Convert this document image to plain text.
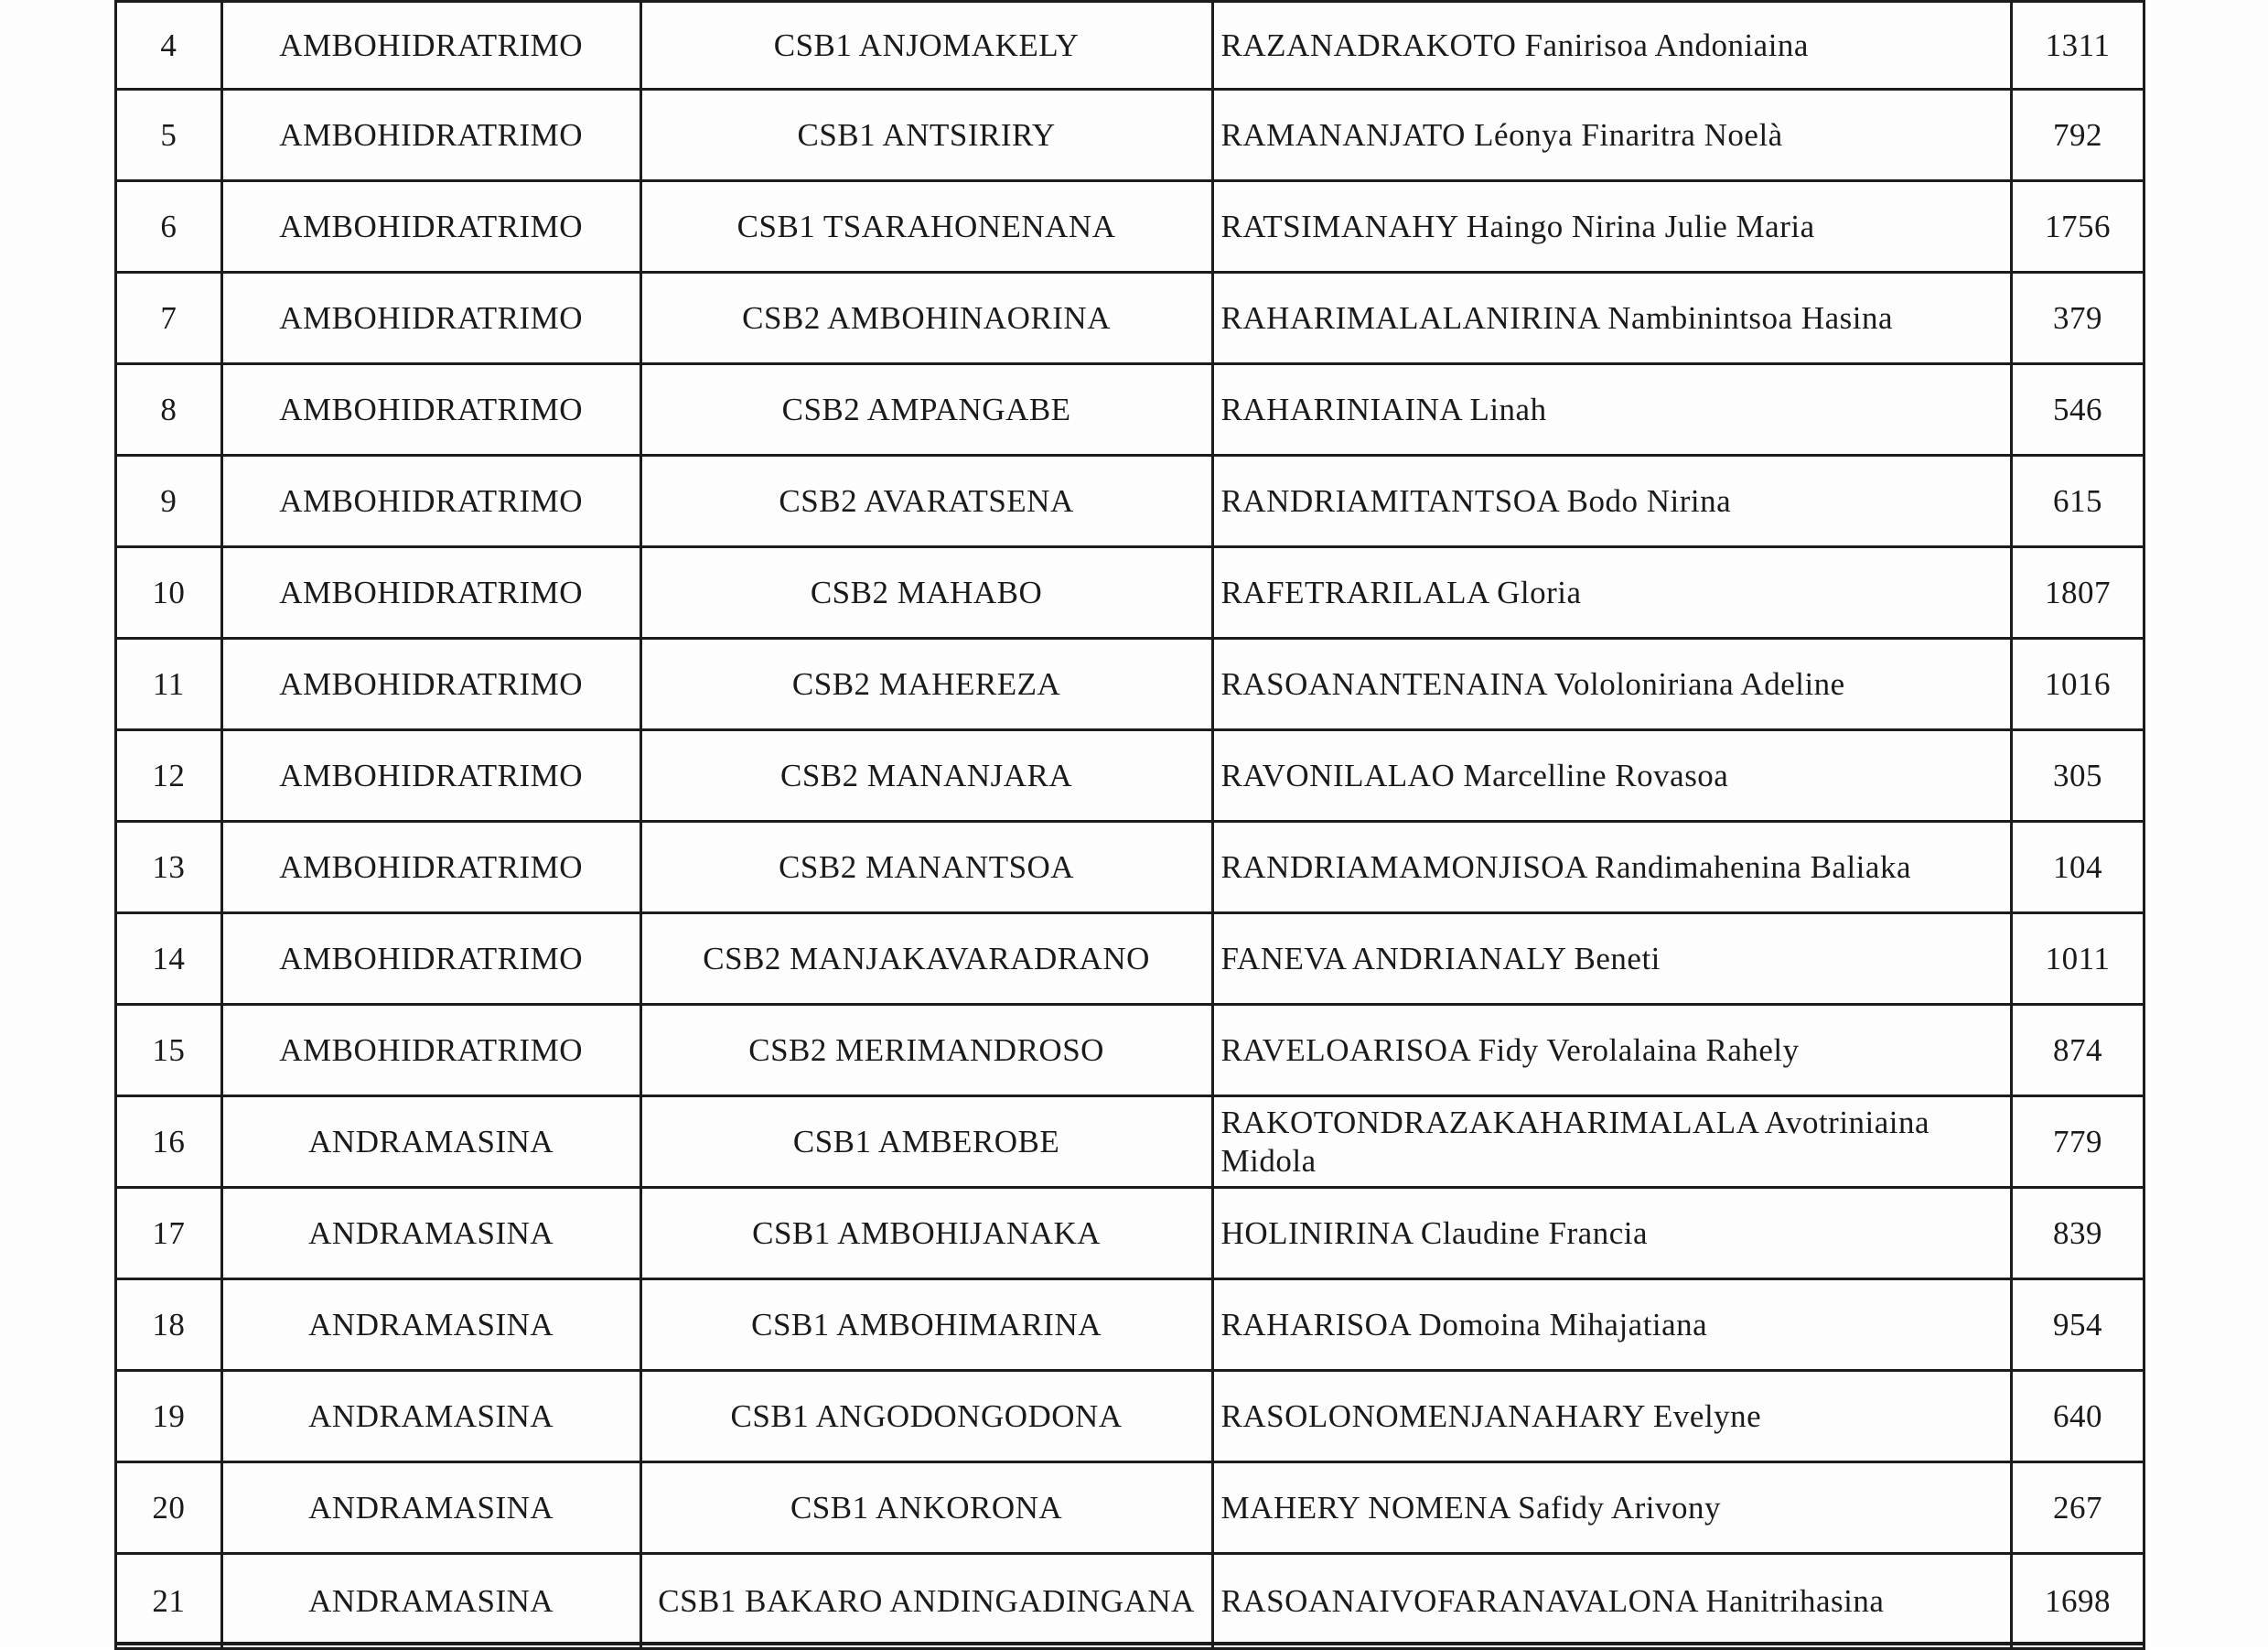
4	AMBOHIDRATRIMO	CSB1 ANJOMAKELY	RAZANADRAKOTO Fanirisoa Andoniaina	1311
5	AMBOHIDRATRIMO	CSB1 ANTSIRIRY	RAMANANJATO Léonya Finaritra Noelà	792
6	AMBOHIDRATRIMO	CSB1 TSARAHONENANA	RATSIMANAHY Haingo Nirina Julie Maria	1756
7	AMBOHIDRATRIMO	CSB2 AMBOHINAORINA	RAHARIMALALANIRINA Nambinintsoa Hasina	379
8	AMBOHIDRATRIMO	CSB2 AMPANGABE	RAHARINIAINA Linah	546
9	AMBOHIDRATRIMO	CSB2 AVARATSENA	RANDRIAMITANTSOA Bodo Nirina	615
10	AMBOHIDRATRIMO	CSB2 MAHABO	RAFETRARILALA Gloria	1807
11	AMBOHIDRATRIMO	CSB2 MAHEREZA	RASOANANTENAINA Vololoniriana Adeline	1016
12	AMBOHIDRATRIMO	CSB2 MANANJARA	RAVONILALAO Marcelline Rovasoa	305
13	AMBOHIDRATRIMO	CSB2 MANANTSOA	RANDRIAMAMONJISOA Randimahenina Baliaka	104
14	AMBOHIDRATRIMO	CSB2 MANJAKAVARADRANO	FANEVA ANDRIANALY Beneti	1011
15	AMBOHIDRATRIMO	CSB2 MERIMANDROSO	RAVELOARISOA Fidy Verolalaina Rahely	874
16	ANDRAMASINA	CSB1 AMBEROBE	RAKOTONDRAZAKAHARIMALALA Avotriniaina Midola	779
17	ANDRAMASINA	CSB1 AMBOHIJANAKA	HOLINIRINA Claudine Francia	839
18	ANDRAMASINA	CSB1 AMBOHIMARINA	RAHARISOA Domoina Mihajatiana	954
19	ANDRAMASINA	CSB1 ANGODONGODONA	RASOLONOMENJANAHARY Evelyne	640
20	ANDRAMASINA	CSB1 ANKORONA	MAHERY NOMENA Safidy Arivony	267
21	ANDRAMASINA	CSB1 BAKARO ANDINGADINGANA	RASOANAIVOFARANAVALONA Hanitrihasina	1698
